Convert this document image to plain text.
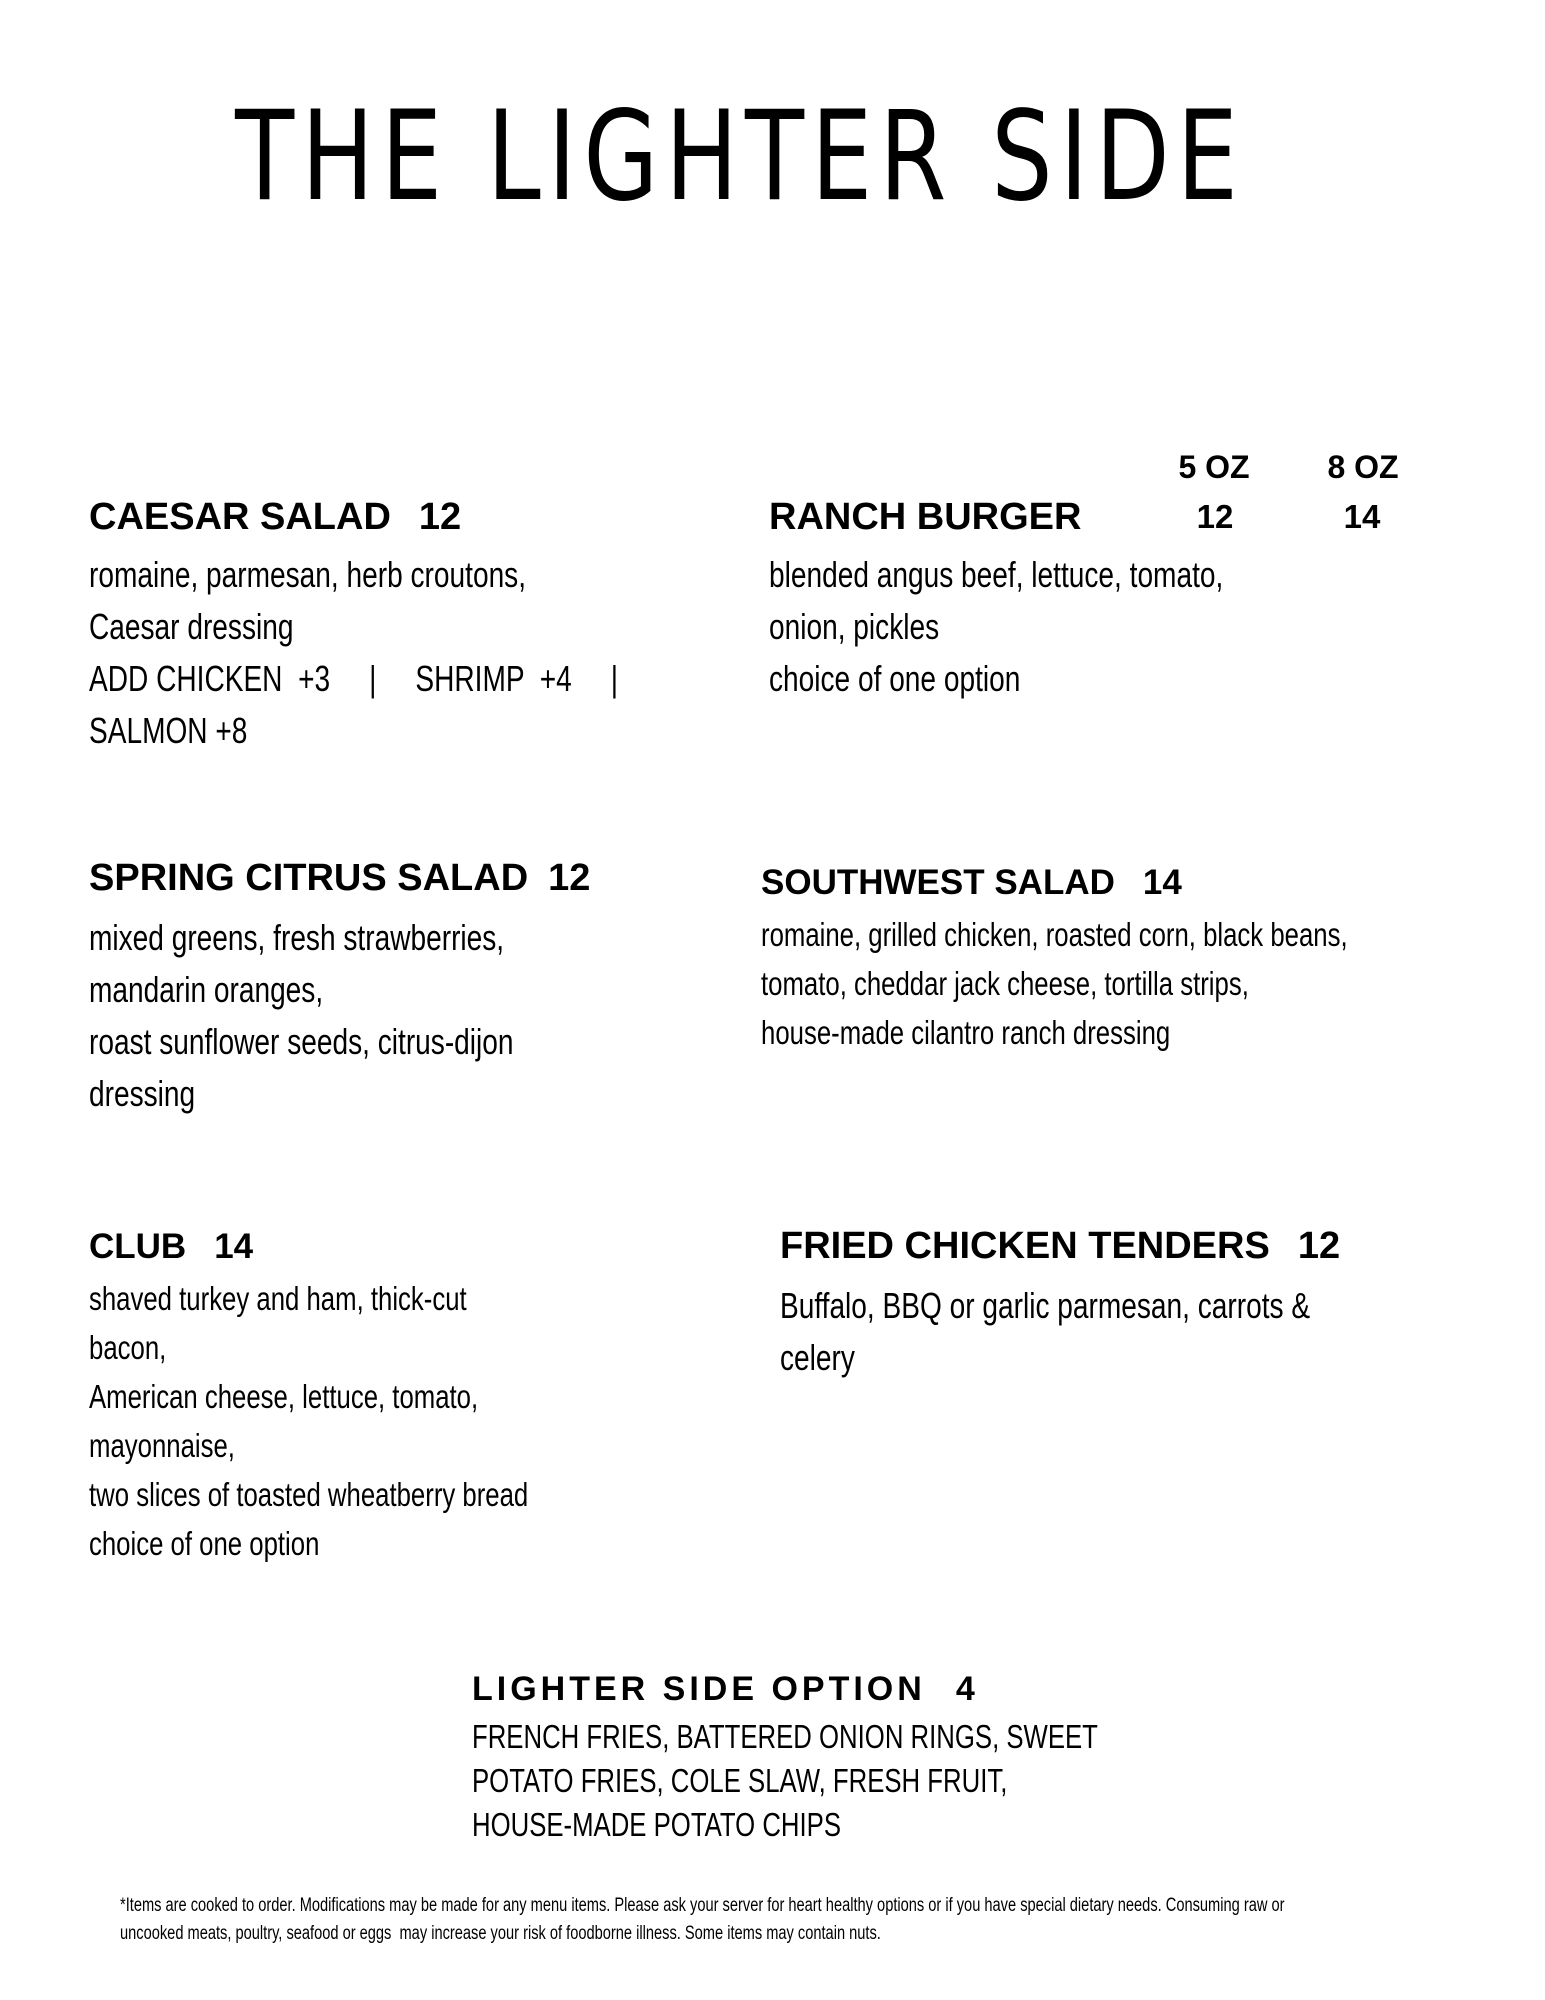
THE LIGHTER SIDE
CAESAR SALAD 12
romaine, parmesan, herb croutons,
Caesar dressing
ADD CHICKEN  +3     |     SHRIMP  +4     |
SALMON +8
5 OZ	8 OZ
12	14
RANCH BURGER
blended angus beef, lettuce, tomato,
onion, pickles
choice of one option
SPRING CITRUS SALAD 12
mixed greens, fresh strawberries,
mandarin oranges,
roast sunflower seeds, citrus-dijon
dressing
SOUTHWEST SALAD 14
romaine, grilled chicken, roasted corn, black beans,
tomato, cheddar jack cheese, tortilla strips,
house-made cilantro ranch dressing
CLUB 14
shaved turkey and ham, thick-cut
bacon,
American cheese, lettuce, tomato,
mayonnaise,
two slices of toasted wheatberry bread
choice of one option
FRIED CHICKEN TENDERS 12
Buffalo, BBQ or garlic parmesan, carrots &
celery
LIGHTER SIDE OPTION 4
FRENCH FRIES, BATTERED ONION RINGS, SWEET
POTATO FRIES, COLE SLAW, FRESH FRUIT,
HOUSE-MADE POTATO CHIPS
*Items are cooked to order. Modifications may be made for any menu items. Please ask your server for heart healthy options or if you have special dietary needs. Consuming raw or
uncooked meats, poultry, seafood or eggs  may increase your risk of foodborne illness. Some items may contain nuts.
